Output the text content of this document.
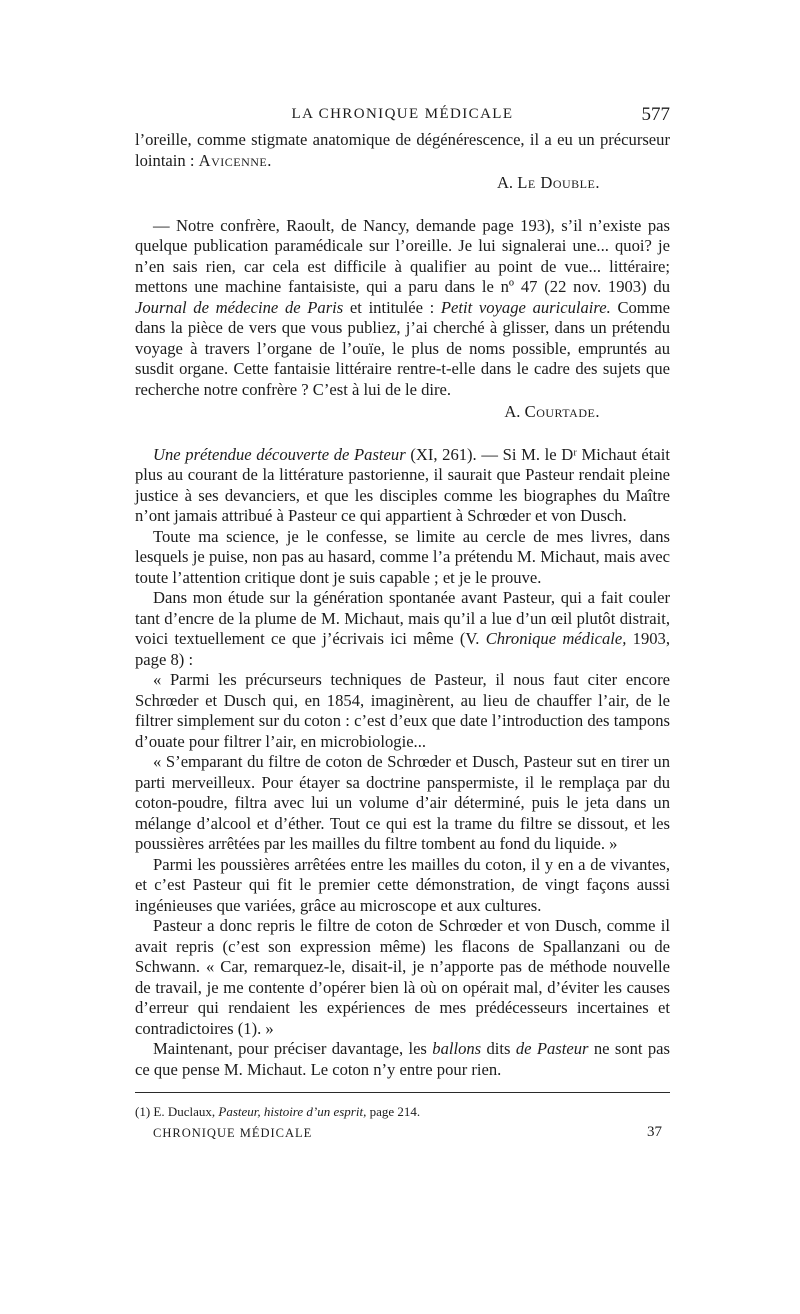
LA CHRONIQUE MÉDICALE	577

l’oreille, comme stigmate anatomique de dégénérescence, il a eu un précurseur lointain : Avicenne.

A. Le Double.

— Notre confrère, Raoult, de Nancy, demande page 193), s’il n’existe pas quelque publication paramédicale sur l’oreille. Je lui signalerai une... quoi? je n’en sais rien, car cela est difficile à qualifier au point de vue... littéraire; mettons une machine fantaisiste, qui a paru dans le nº 47 (22 nov. 1903) du Journal de médecine de Paris et intitulée : Petit voyage auriculaire. Comme dans la pièce de vers que vous publiez, j’ai cherché à glisser, dans un prétendu voyage à travers l’organe de l’ouïe, le plus de noms possible, empruntés au susdit organe. Cette fantaisie littéraire rentre-t-elle dans le cadre des sujets que recherche notre confrère ? C’est à lui de le dire.

A. Courtade.

Une prétendue découverte de Pasteur (XI, 261). — Si M. le Dʳ Michaut était plus au courant de la littérature pastorienne, il saurait que Pasteur rendait pleine justice à ses devanciers, et que les disciples comme les biographes du Maître n’ont jamais attribué à Pasteur ce qui appartient à Schrœder et von Dusch.

Toute ma science, je le confesse, se limite au cercle de mes livres, dans lesquels je puise, non pas au hasard, comme l’a prétendu M. Michaut, mais avec toute l’attention critique dont je suis capable ; et je le prouve.

Dans mon étude sur la génération spontanée avant Pasteur, qui a fait couler tant d’encre de la plume de M. Michaut, mais qu’il a lue d’un œil plutôt distrait, voici textuellement ce que j’écrivais ici même (V. Chronique médicale, 1903, page 8) :

« Parmi les précurseurs techniques de Pasteur, il nous faut citer encore Schrœder et Dusch qui, en 1854, imaginèrent, au lieu de chauffer l’air, de le filtrer simplement sur du coton : c’est d’eux que date l’introduction des tampons d’ouate pour filtrer l’air, en microbiologie...

« S’emparant du filtre de coton de Schrœder et Dusch, Pasteur sut en tirer un parti merveilleux. Pour étayer sa doctrine panspermiste, il le remplaça par du coton-poudre, filtra avec lui un volume d’air déterminé, puis le jeta dans un mélange d’alcool et d’éther. Tout ce qui est la trame du filtre se dissout, et les poussières arrêtées par les mailles du filtre tombent au fond du liquide. »

Parmi les poussières arrêtées entre les mailles du coton, il y en a de vivantes, et c’est Pasteur qui fit le premier cette démonstration, de vingt façons aussi ingénieuses que variées, grâce au microscope et aux cultures.

Pasteur a donc repris le filtre de coton de Schrœder et von Dusch, comme il avait repris (c’est son expression même) les flacons de Spallanzani ou de Schwann. « Car, remarquez-le, disait-il, je n’apporte pas de méthode nouvelle de travail, je me contente d’opérer bien là où on opérait mal, d’éviter les causes d’erreur qui rendaient les expériences de mes prédécesseurs incertaines et contradictoires (1). »

Maintenant, pour préciser davantage, les ballons dits de Pasteur ne sont pas ce que pense M. Michaut. Le coton n’y entre pour rien.

(1) E. Duclaux, Pasteur, histoire d’un esprit, page 214.

CHRONIQUE MÉDICALE	37
